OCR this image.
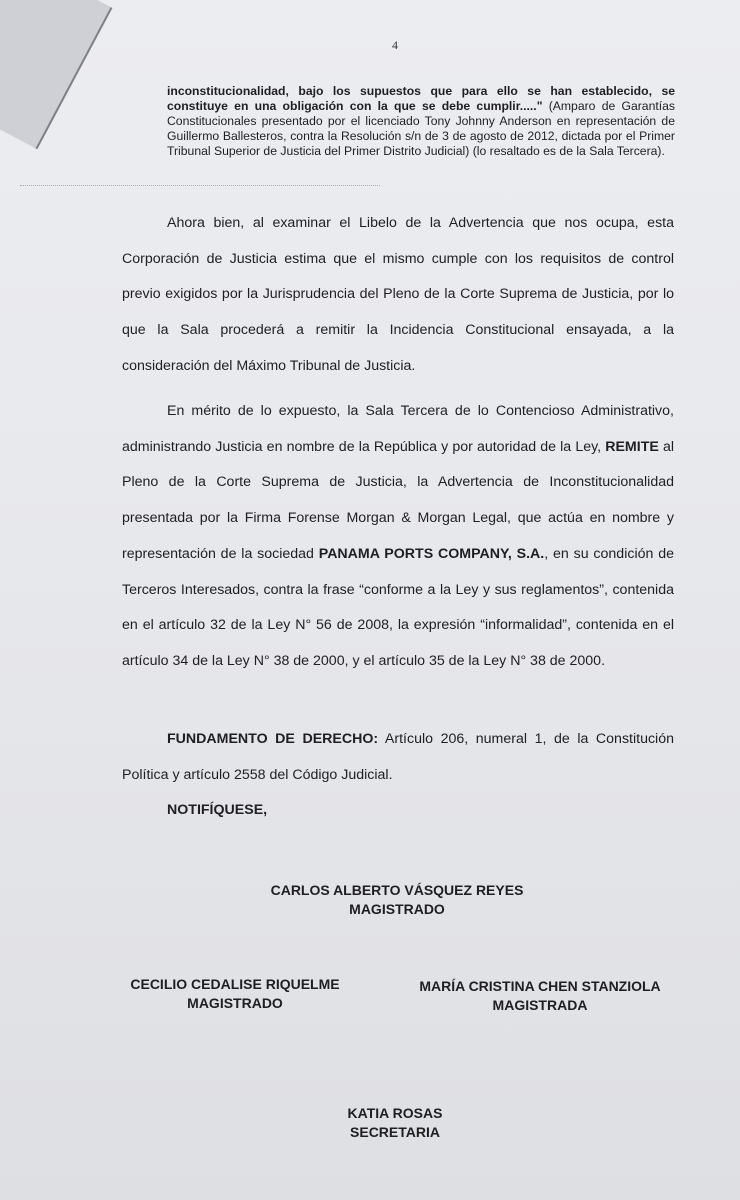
4
inconstitucionalidad, bajo los supuestos que para ello se han establecido, se constituye en una obligación con la que se debe cumplir....." (Amparo de Garantías Constitucionales presentado por el licenciado Tony Johnny Anderson en representación de Guillermo Ballesteros, contra la Resolución s/n de 3 de agosto de 2012, dictada por el Primer Tribunal Superior de Justicia del Primer Distrito Judicial) (lo resaltado es de la Sala Tercera).
Ahora bien, al examinar el Libelo de la Advertencia que nos ocupa, esta Corporación de Justicia estima que el mismo cumple con los requisitos de control previo exigidos por la Jurisprudencia del Pleno de la Corte Suprema de Justicia, por lo que la Sala procederá a remitir la Incidencia Constitucional ensayada, a la consideración del Máximo Tribunal de Justicia.
En mérito de lo expuesto, la Sala Tercera de lo Contencioso Administrativo, administrando Justicia en nombre de la República y por autoridad de la Ley, REMITE al Pleno de la Corte Suprema de Justicia, la Advertencia de Inconstitucionalidad presentada por la Firma Forense Morgan & Morgan Legal, que actúa en nombre y representación de la sociedad PANAMA PORTS COMPANY, S.A., en su condición de Terceros Interesados, contra la frase “conforme a la Ley y sus reglamentos”, contenida en el artículo 32 de la Ley N° 56 de 2008, la expresión “informalidad”, contenida en el artículo 34 de la Ley N° 38 de 2000, y el artículo 35 de la Ley N° 38 de 2000.
FUNDAMENTO DE DERECHO: Artículo 206, numeral 1, de la Constitución Política y artículo 2558 del Código Judicial.
NOTIFÍQUESE,
CARLOS ALBERTO VÁSQUEZ REYES
MAGISTRADO
CECILIO CEDALISE RIQUELME
MAGISTRADO
MARÍA CRISTINA CHEN STANZIOLA
MAGISTRADA
KATIA ROSAS
SECRETARIA
